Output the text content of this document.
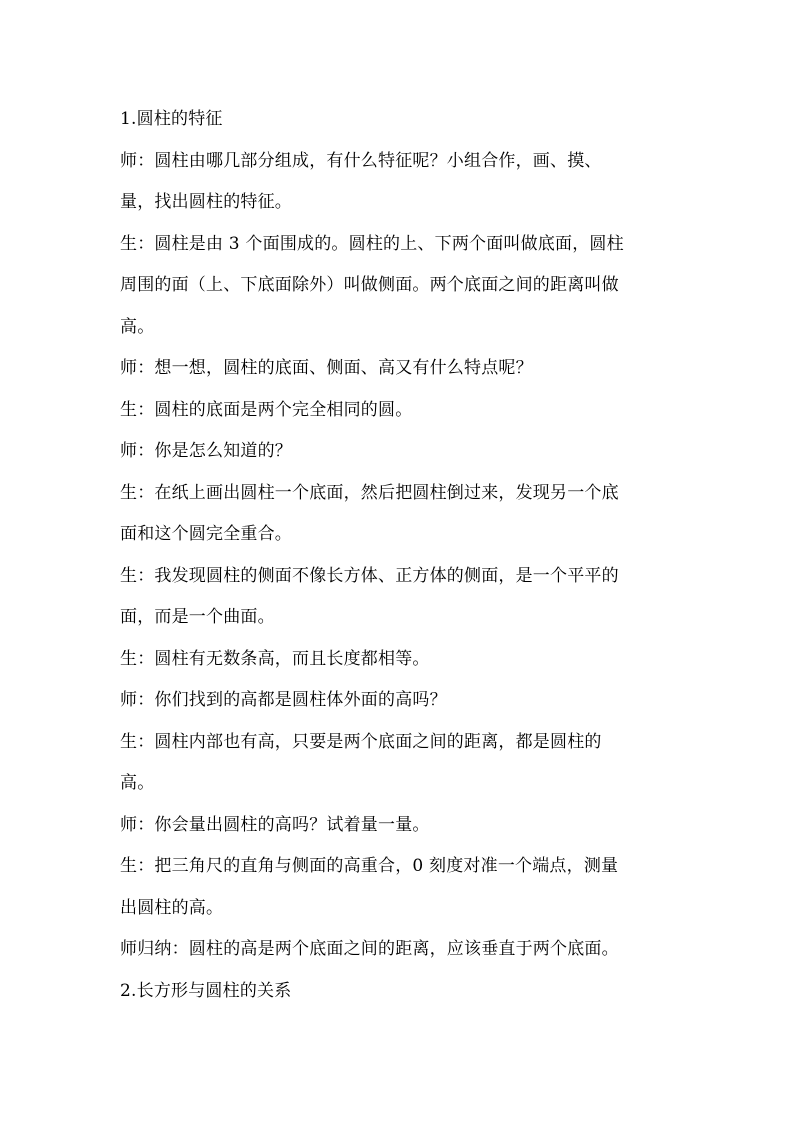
1.圆柱的特征
师：圆柱由哪几部分组成，有什么特征呢？小组合作，画、摸、
量，找出圆柱的特征。
生：圆柱是由 3 个面围成的。圆柱的上、下两个面叫做底面，圆柱
周围的面（上、下底面除外）叫做侧面。两个底面之间的距离叫做
高。
师：想一想，圆柱的底面、侧面、高又有什么特点呢？
生：圆柱的底面是两个完全相同的圆。
师：你是怎么知道的？
生：在纸上画出圆柱一个底面，然后把圆柱倒过来，发现另一个底
面和这个圆完全重合。
生：我发现圆柱的侧面不像长方体、正方体的侧面，是一个平平的
面，而是一个曲面。
生：圆柱有无数条高，而且长度都相等。
师：你们找到的高都是圆柱体外面的高吗？
生：圆柱内部也有高，只要是两个底面之间的距离，都是圆柱的
高。
师：你会量出圆柱的高吗？试着量一量。
生：把三角尺的直角与侧面的高重合，0 刻度对准一个端点，测量
出圆柱的高。
师归纳：圆柱的高是两个底面之间的距离，应该垂直于两个底面。
2.长方形与圆柱的关系
